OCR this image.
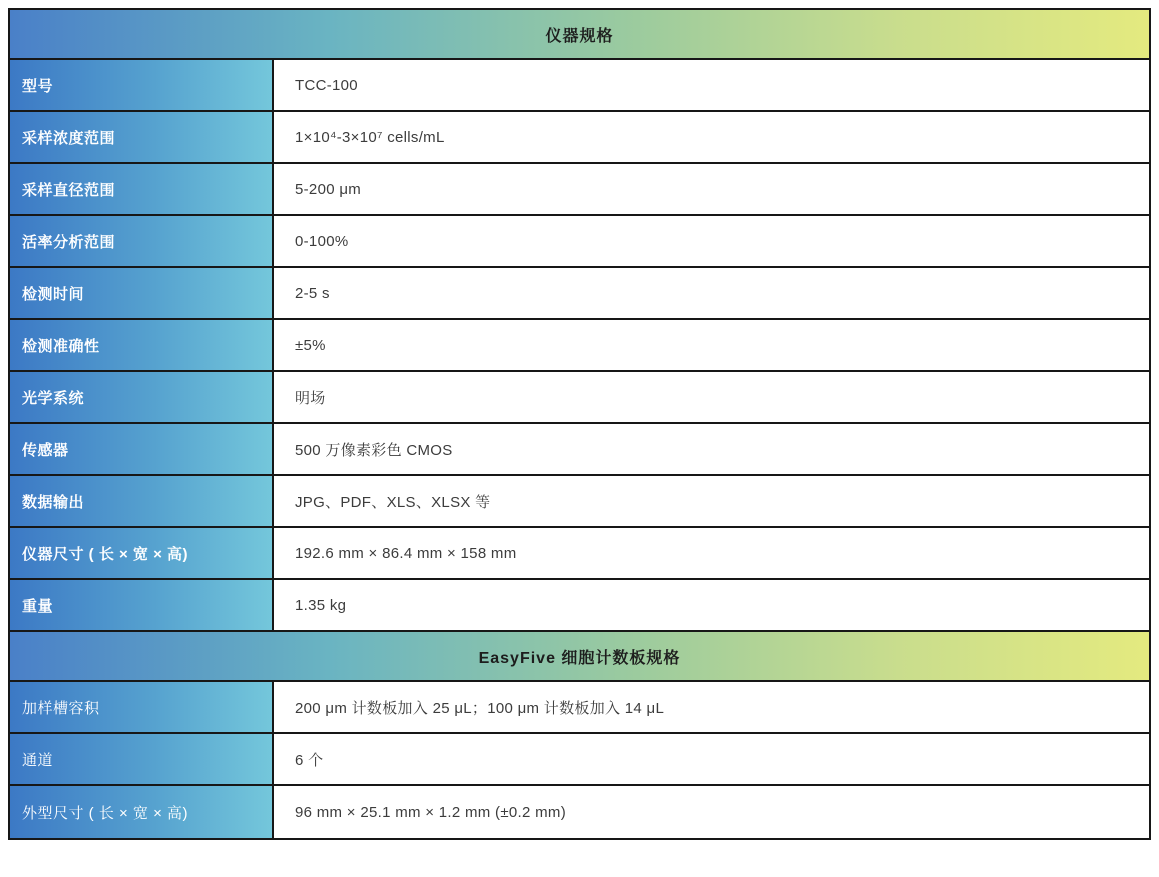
仪器规格
型号	TCC-100
采样浓度范围	1×10⁴-3×10⁷ cells/mL
采样直径范围	5-200 μm
活率分析范围	0-100%
检测时间	2-5 s
检测准确性	±5%
光学系统	明场
传感器	500 万像素彩色 CMOS
数据输出	JPG、PDF、XLS、XLSX 等
仪器尺寸 ( 长 × 宽 × 高)	192.6 mm × 86.4 mm × 158 mm
重量	1.35 kg
EasyFive 细胞计数板规格
加样槽容积	200 μm 计数板加入 25 μL；100 μm 计数板加入 14 μL
通道	6 个
外型尺寸 ( 长 × 宽 × 高)	96 mm × 25.1 mm × 1.2 mm (±0.2 mm)
